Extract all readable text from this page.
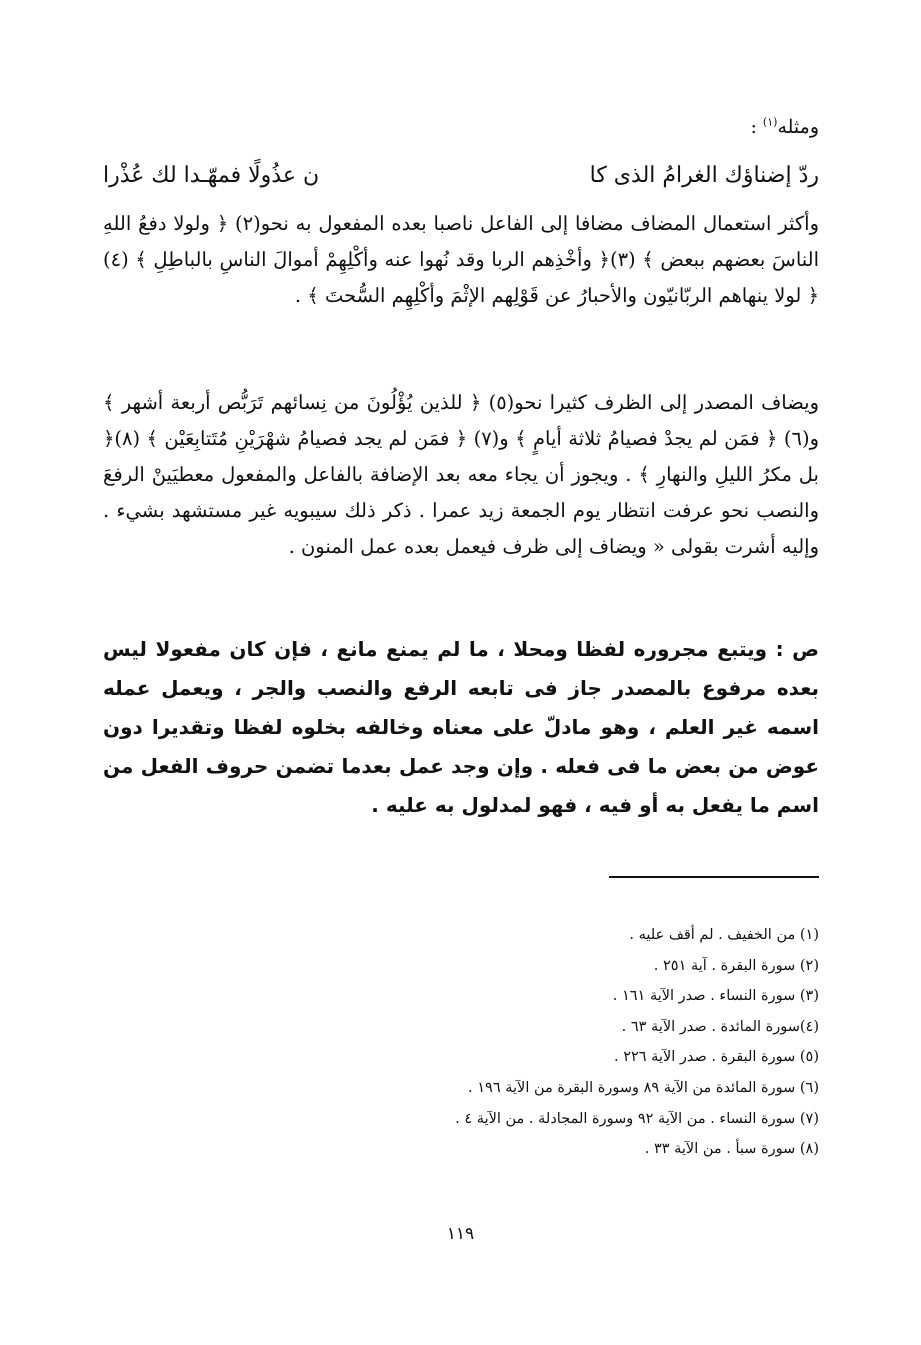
ومثله$^{(١)}$ :
ردّ إضناؤك الغرامُ الذى كا
ن عذُولًا فمهّـدا لك عُذْرا

وأكثر استعمال المضاف مضافا إلى الفاعل ناصبا بعده المفعول به نحو(٢) ﴿ ولولا دفعُ اللهِ الناسَ بعضهم ببعض ﴾ (٣)﴿ وأخْذِهم الربا وقد نُهوا عنه وأكْلِهِمْ أموالَ الناسِ بالباطِلِ ﴾ (٤)﴿ لولا ينهاهم الربّانيّون والأحبارُ عن قَوْلِهم الإثْمَ وأكْلِهِم السُّحتَ ﴾ .

ويضاف المصدر إلى الظرف كثيرا نحو(٥) ﴿ للذين يُؤْلُونَ من نِسائهم تَرَبُّص أربعة أشهر ﴾ و(٦) ﴿ فمَن لم يجدْ فصيامُ ثلاثة أيامٍ ﴾ و(٧) ﴿ فمَن لم يجد فصيامُ شهْرَيْنِ مُتَتابِعَيْن ﴾ (٨)﴿ بل مكرُ الليلِ والنهارِ ﴾ . ويجوز أن يجاء معه بعد الإضافة بالفاعل والمفعول معطيَينْ الرفعَ والنصب نحو عرفت انتظار يوم الجمعة زيد عمرا . ذكر ذلك سيبويه غير مستشهد بشيء . وإليه أشرت بقولى « ويضاف إلى ظرف فيعمل بعده عمل المنون .

ص : ويتبع مجروره لفظا ومحلا ، ما لم يمنع مانع ، فإن كان مفعولا ليس بعده مرفوع بالمصدر جاز فى تابعه الرفع والنصب والجر ، ويعمل عمله اسمه غير العلم ، وهو مادلّ على معناه وخالفه بخلوه لفظا وتقديرا دون عوض من بعض ما فى فعله . وإن وجد عمل بعدما تضمن حروف الفعل من اسم ما يفعل به أو فيه ، فهو لمدلول به عليه .

(١) من الخفيف . لم أقف عليه .
(٢) سورة البقرة . آية ٢٥١ .
(٣) سورة النساء . صدر الآية ١٦١ .
(٤)سورة المائدة . صدر الآية ٦٣ .
(٥) سورة البقرة . صدر الآية ٢٢٦ .
(٦) سورة المائدة من الآية ٨٩ وسورة البقرة من الآية ١٩٦ .
(٧) سورة النساء . من الآية ٩٢ وسورة المجادلة . من الآية ٤ .
(٨) سورة سبأ . من الآية ٣٣ .
١١٩
